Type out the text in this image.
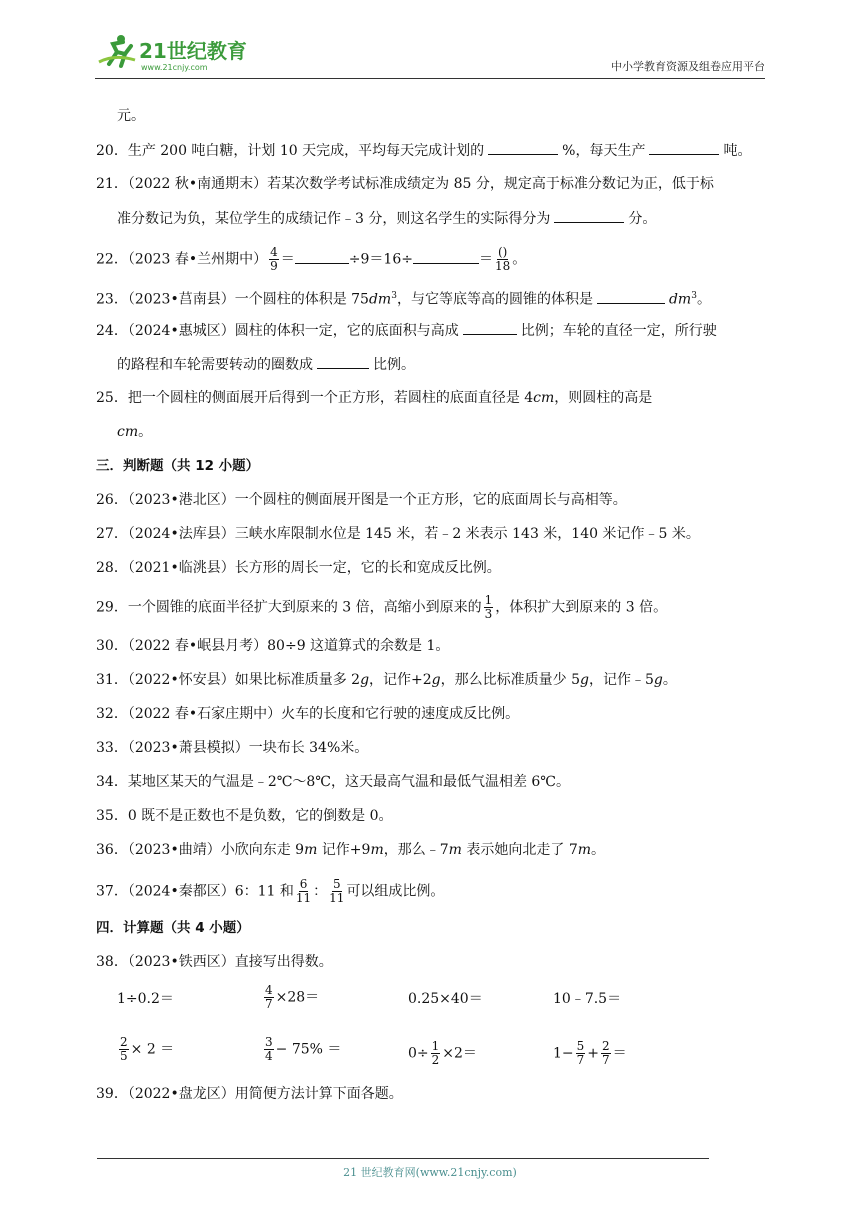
21世纪教育
www.21cnjy.com	中小学教育资源及组卷应用平台
元。
20．生产 200 吨白糖，计划 10 天完成，平均每天完成计划的	%，每天生产	吨。
21．（2022 秋•南通期末）若某次数学考试标准成绩定为 85 分，规定高于标准分数记为正，低于标
准分数记为负，某位学生的成绩记作﹣3 分，则这名学生的实际得分为	分。
22．（2023 春•兰州期中） $\frac{4}{9}$ ＝	÷9＝16÷	＝ $\frac{()}{18}$ 。
23．（2023•莒南县）一个圆柱的体积是 $75dm^3$，与它等底等高的圆锥的体积是	$dm^3$。
24．（2024•惠城区）圆柱的体积一定，它的底面积与高成	比例；车轮的直径一定，所行驶
的路程和车轮需要转动的圈数成	比例。
25．把一个圆柱的侧面展开后得到一个正方形，若圆柱的底面直径是 4cm，则圆柱的高是
cm。
三．判断题（共 12 小题）
26．（2023•港北区）一个圆柱的侧面展开图是一个正方形，它的底面周长与高相等。
27．（2024•法库县）三峡水库限制水位是 145 米，若﹣2 米表示 143 米，140 米记作﹣5 米。
28．（2021•临洮县）长方形的周长一定，它的长和宽成反比例。
29．一个圆锥的底面半径扩大到原来的 3 倍，高缩小到原来的 $\frac{1}{3}$ ，体积扩大到原来的 3 倍。
30．（2022 春•岷县月考）80÷9 这道算式的余数是 1。
31．（2022•怀安县）如果比标准质量多 2g，记作+2g，那么比标准质量少 5g，记作﹣5g。
32．（2022 春•石家庄期中）火车的长度和它行驶的速度成反比例。
33．（2023•萧县模拟）一块布长 34%米。
34．某地区某天的气温是﹣2℃～8℃，这天最高气温和最低气温相差 6℃。
35．0 既不是正数也不是负数，它的倒数是 0。
36．（2023•曲靖）小欣向东走 9m 记作+9m，那么﹣7m 表示她向北走了 7m。
37．（2024•秦都区）6：11 和 $\frac{6}{11}$ ： $\frac{5}{11}$ 可以组成比例。
四．计算题（共 4 小题）
38．（2023•铁西区）直接写出得数。
1÷0.2＝	$\frac{4}{7} \times 28=$	0.25×40＝	10﹣7.5＝
$\frac{2}{5} \times 2$ ＝	$\frac{3}{4} - 75\%$ ＝	$0\div \frac{1}{2} \times 2=$	$1- \frac{5}{7} + \frac{2}{7}$ ＝
39．（2022•盘龙区）用简便方法计算下面各题。
21 世纪教育网(www.21cnjy.com)
